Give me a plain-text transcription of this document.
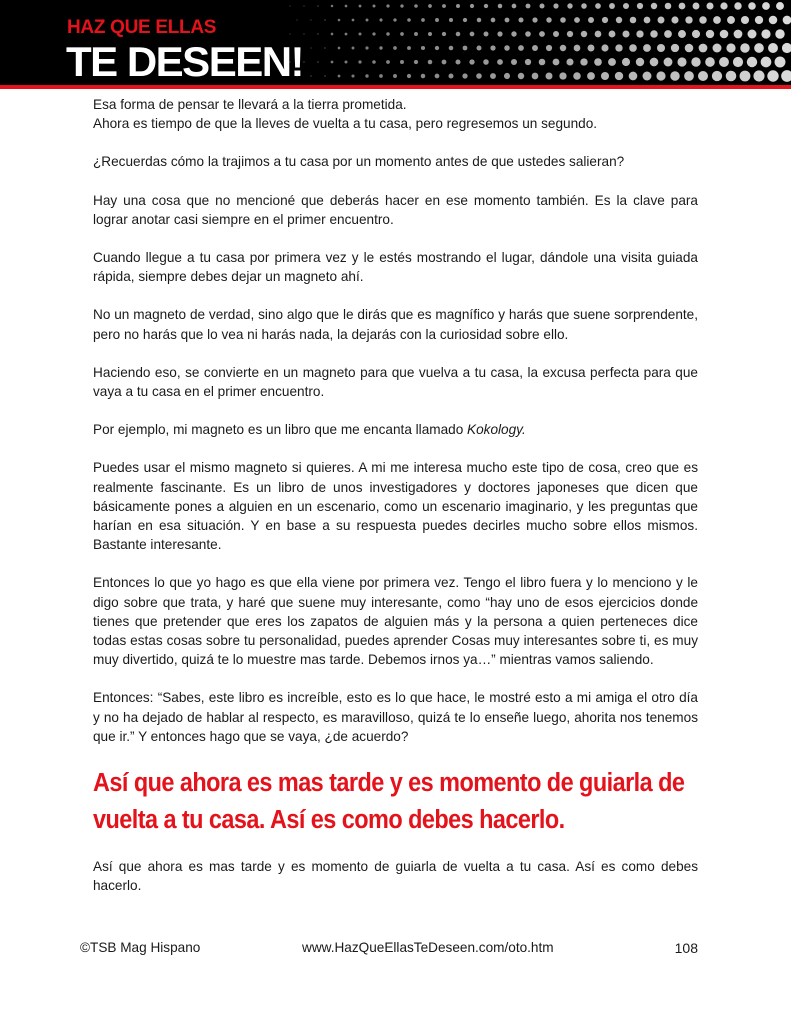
HAZ QUE ELLAS
TE DESEEN!

Esa forma de pensar te llevará a la tierra prometida.
Ahora es tiempo de que la lleves de vuelta a tu casa, pero regresemos un segundo.

¿Recuerdas cómo la trajimos a tu casa por un momento antes de que ustedes salieran?

Hay una cosa que no mencioné que deberás hacer en ese momento también. Es la clave para lograr anotar casi siempre en el primer encuentro.

Cuando llegue a tu casa por primera vez y le estés mostrando el lugar, dándole una visita guiada rápida, siempre debes dejar un magneto ahí.

No un magneto de verdad, sino algo que le dirás que es magnífico y harás que suene sorprendente, pero no harás que lo vea ni harás nada, la dejarás con la curiosidad sobre ello.

Haciendo eso, se convierte en un magneto para que vuelva a tu casa, la excusa perfecta para que vaya a tu casa en el primer encuentro.

Por ejemplo, mi magneto es un libro que me encanta llamado Kokology.

Puedes usar el mismo magneto si quieres. A mi me interesa mucho este tipo de cosa, creo que es realmente fascinante. Es un libro de unos investigadores y doctores japoneses que dicen que básicamente pones a alguien en un escenario, como un escenario imaginario, y les preguntas que harían en esa situación. Y en base a su respuesta puedes decirles mucho sobre ellos mismos. Bastante interesante.

Entonces lo que yo hago es que ella viene por primera vez. Tengo el libro fuera y lo menciono y le digo sobre que trata, y haré que suene muy interesante, como “hay uno de esos ejercicios donde tienes que pretender que eres los zapatos de alguien más y la persona a quien perteneces dice todas estas cosas sobre tu personalidad, puedes aprender Cosas muy interesantes sobre ti, es muy muy divertido, quizá te lo muestre mas tarde. Debemos irnos ya…” mientras vamos saliendo.

Entonces: “Sabes, este libro es increíble, esto es lo que hace, le mostré esto a mi amiga el otro día y no ha dejado de hablar al respecto, es maravilloso, quizá te lo enseñe luego, ahorita nos tenemos que ir.” Y entonces hago que se vaya, ¿de acuerdo?

Así que ahora es mas tarde y es momento de guiarla de vuelta a tu casa. Así es como debes hacerlo.

Así que ahora es mas tarde y es momento de guiarla de vuelta a tu casa. Así es como debes hacerlo.

©TSB Mag Hispano	www.HazQueEllasTeDeseen.com/oto.htm	108
